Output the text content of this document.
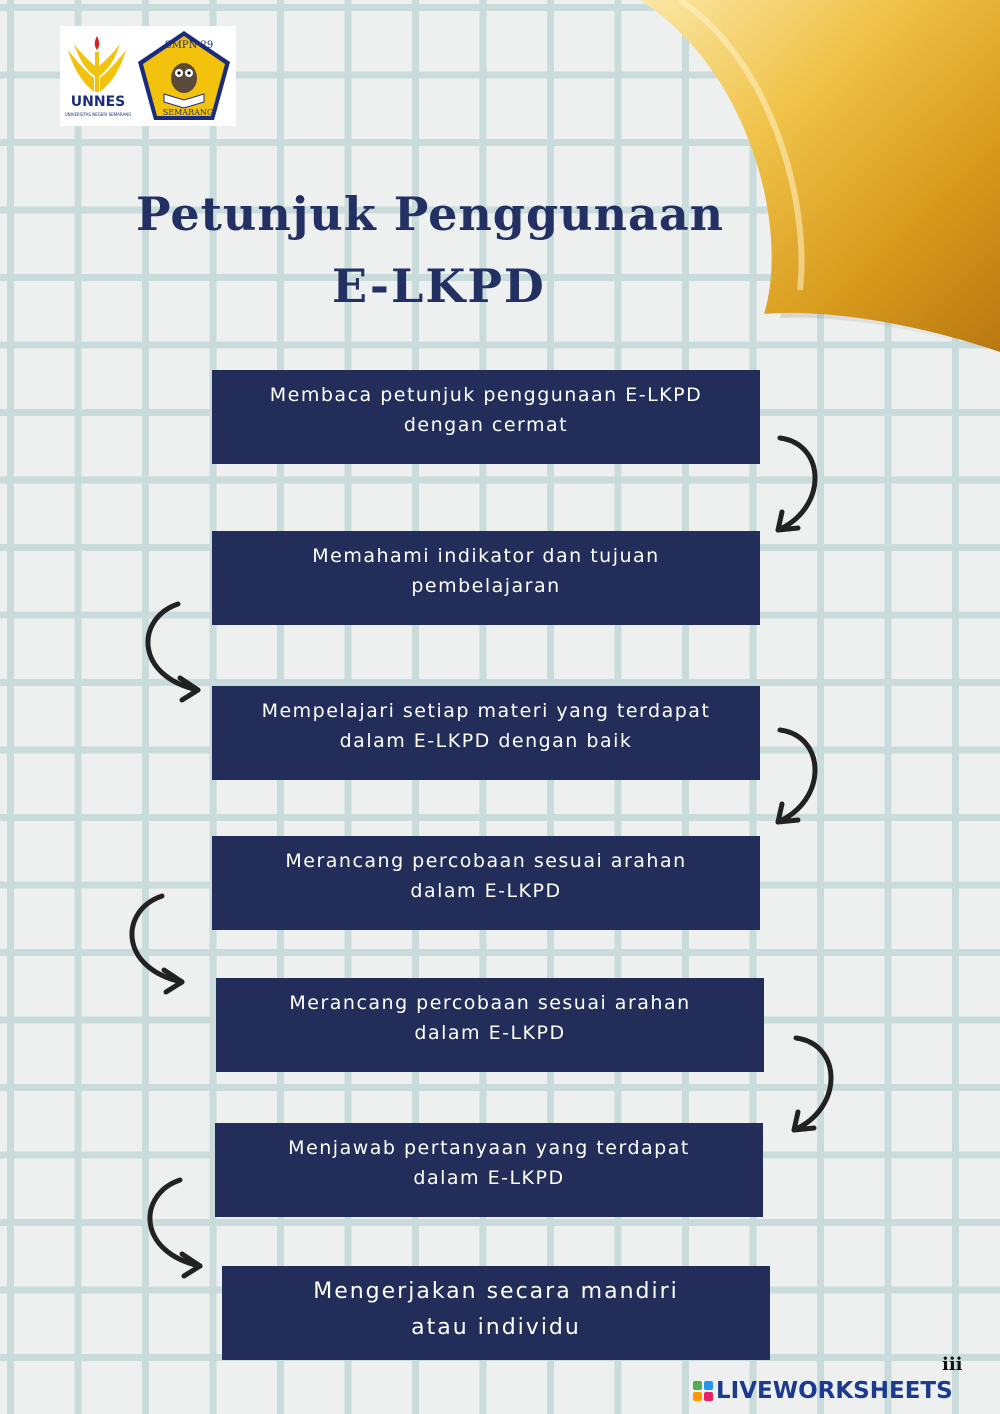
UNNES
UNIVERSITAS NEGERI SEMARANG
SMPN 29
SEMARANG
Petunjuk Penggunaan
E-LKPD
Membaca petunjuk penggunaan E-LKPD
dengan cermat
Memahami indikator dan tujuan
pembelajaran
Mempelajari setiap materi yang terdapat
dalam E-LKPD dengan baik
Merancang percobaan sesuai arahan
dalam E-LKPD
Merancang percobaan sesuai arahan
dalam E-LKPD
Menjawab pertanyaan yang terdapat
dalam E-LKPD
Mengerjakan secara mandiri
atau individu
iii
LIVEWORKSHEETS
